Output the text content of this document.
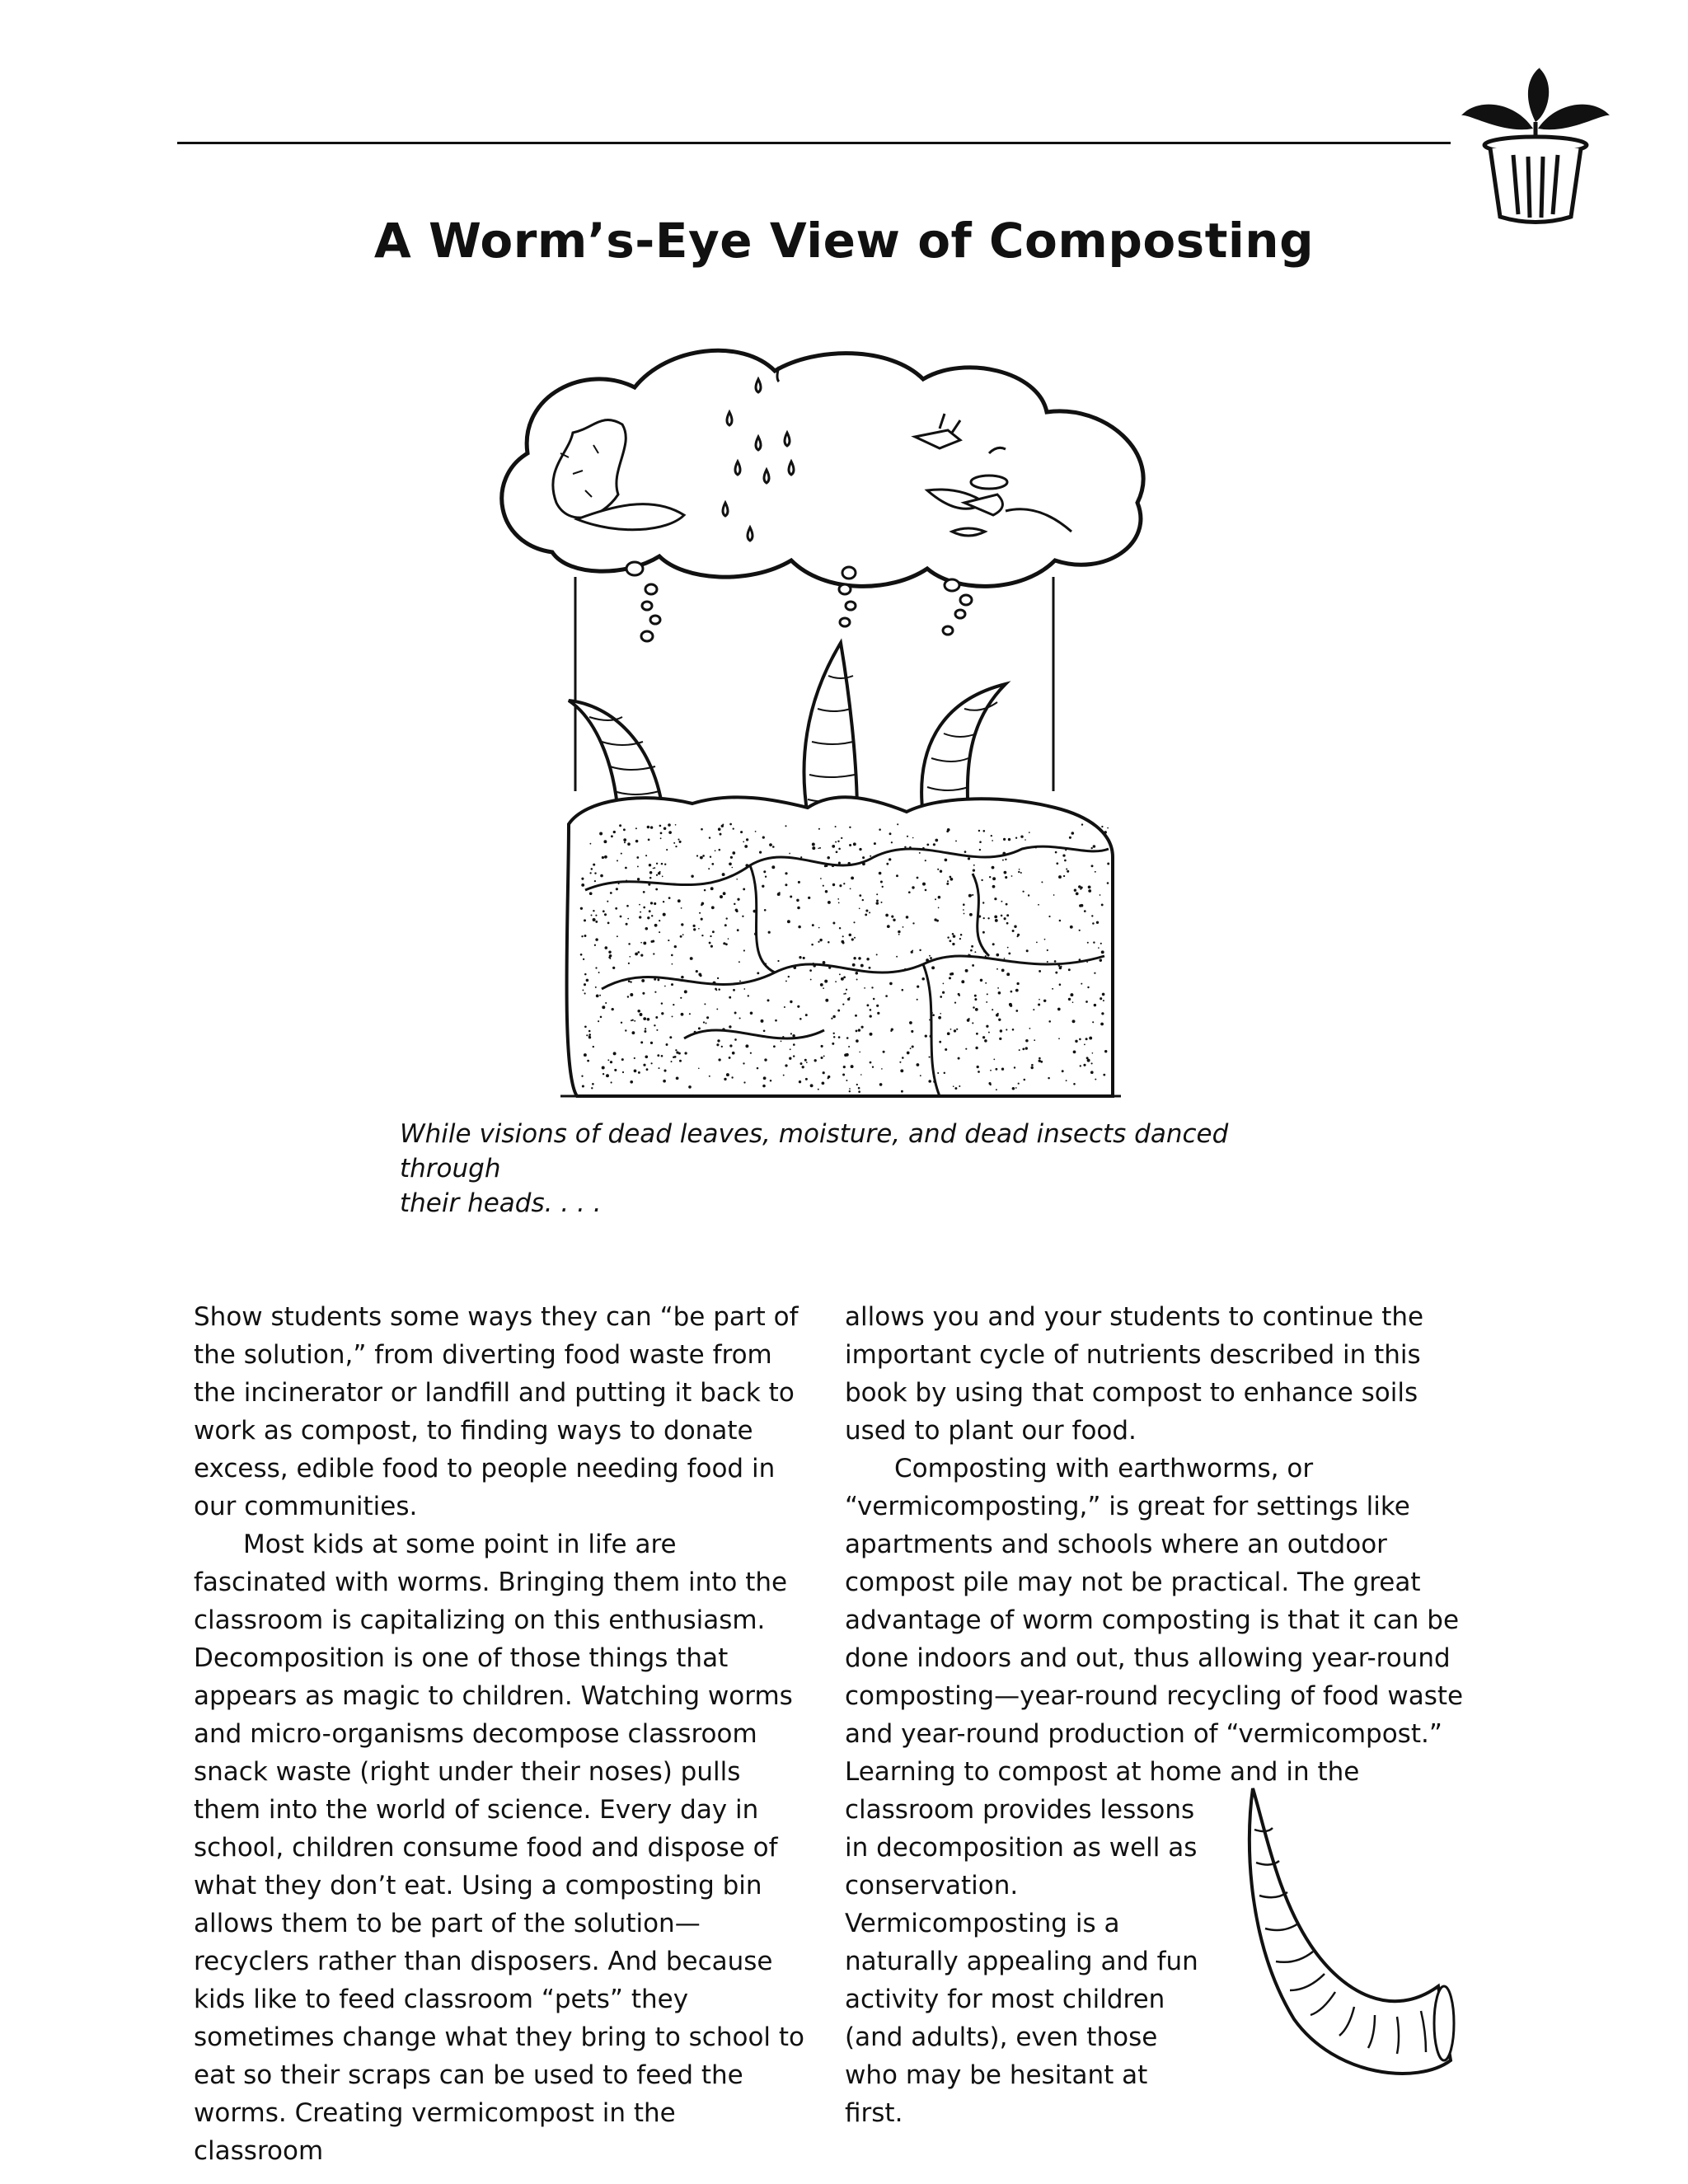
A Worm’s-Eye View of Composting
While visions of dead leaves, moisture, and dead insects danced through
their heads. . . .

Show students some ways they can “be part of the solution,” from diverting food waste from the incinerator or landfill and putting it back to work as compost, to finding ways to donate excess, edible food to people needing food in our communities.

Most kids at some point in life are fascinated with worms. Bringing them into the classroom is capitalizing on this enthusiasm. Decomposition is one of those things that appears as magic to children. Watching worms and micro-organisms decompose classroom snack waste (right under their noses) pulls them into the world of science. Every day in school, children consume food and dispose of what they don’t eat. Using a composting bin allows them to be part of the solution—recyclers rather than disposers. And because kids like to feed classroom “pets” they sometimes change what they bring to school to eat so their scraps can be used to feed the worms. Creating vermicompost in the classroom

allows you and your students to continue the important cycle of nutrients described in this book by using that compost to enhance soils used to plant our food.

Composting with earthworms, or “vermicomposting,” is great for settings like apartments and schools where an outdoor compost pile may not be practical. The great advantage of worm composting is that it can be done indoors and out, thus allowing year-round composting—year-round recycling of food waste and year-round production of “vermicompost.” Learning to compost at home and in the

classroom provides lessons in decomposition as well as conservation. Vermicomposting is a naturally appealing and fun activity for most children (and adults), even those who may be hesitant at first.
